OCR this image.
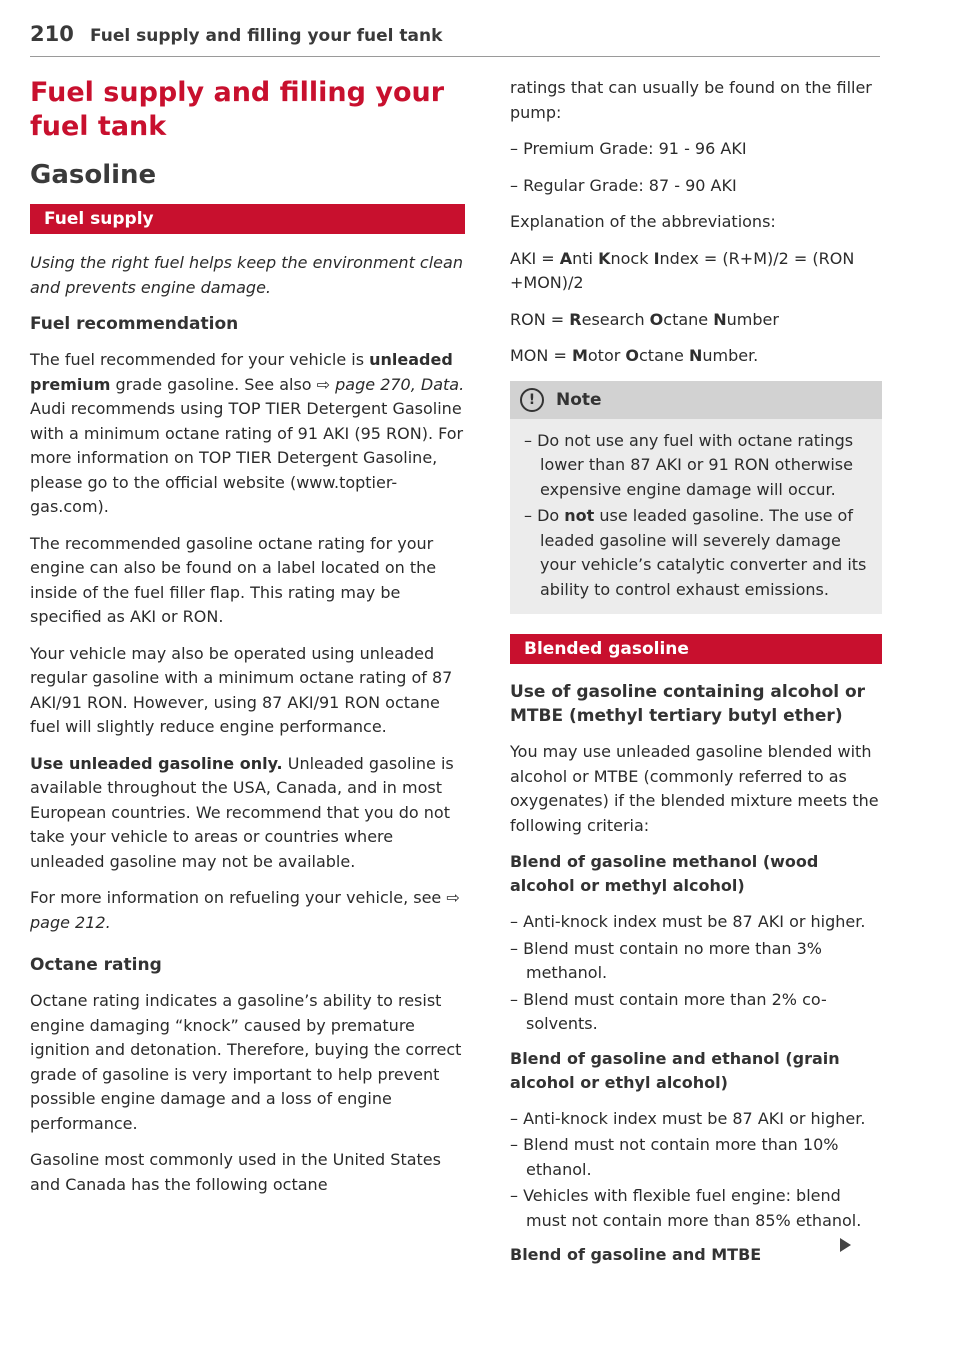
210 Fuel supply and filling your fuel tank
Fuel supply and filling your fuel tank
Gasoline
Fuel supply
Using the right fuel helps keep the environment clean and prevents engine damage.
Fuel recommendation

The fuel recommended for your vehicle is unleaded premium grade gasoline. See also ⇨ page 270, Data. Audi recommends using TOP TIER Detergent Gasoline with a minimum octane rating of 91 AKI (95 RON). For more information on TOP TIER Detergent Gasoline, please go to the official website (www.toptier-gas.com).

The recommended gasoline octane rating for your engine can also be found on a label located on the inside of the fuel filler flap. This rating may be specified as AKI or RON.

Your vehicle may also be operated using unleaded regular gasoline with a minimum octane rating of 87 AKI/91 RON. However, using 87 AKI/91 RON octane fuel will slightly reduce engine performance.

Use unleaded gasoline only. Unleaded gasoline is available throughout the USA, Canada, and in most European countries. We recommend that you do not take your vehicle to areas or countries where unleaded gasoline may not be available.

For more information on refueling your vehicle, see ⇨ page 212.

Octane rating

Octane rating indicates a gasoline’s ability to resist engine damaging “knock” caused by premature ignition and detonation. Therefore, buying the correct grade of gasoline is very important to help prevent possible engine damage and a loss of engine performance.

Gasoline most commonly used in the United States and Canada has the following octane

ratings that can usually be found on the filler pump:

– Premium Grade: 91 - 96 AKI

– Regular Grade: 87 - 90 AKI

Explanation of the abbreviations:

AKI = Anti Knock Index = (R+M)/2 = (RON +MON)/2

RON = Research Octane Number

MON = Motor Octane Number.

! Note
– Do not use any fuel with octane ratings lower than 87 AKI or 91 RON otherwise expensive engine damage will occur.
– Do not use leaded gasoline. The use of leaded gasoline will severely damage your vehicle’s catalytic converter and its ability to control exhaust emissions.
Blended gasoline
Use of gasoline containing alcohol or MTBE (methyl tertiary butyl ether)

You may use unleaded gasoline blended with alcohol or MTBE (commonly referred to as oxygenates) if the blended mixture meets the following criteria:

Blend of gasoline methanol (wood alcohol or methyl alcohol)
– Anti-knock index must be 87 AKI or higher.
– Blend must contain no more than 3% methanol.
– Blend must contain more than 2% co-solvents.
Blend of gasoline and ethanol (grain alcohol or ethyl alcohol)
– Anti-knock index must be 87 AKI or higher.
– Blend must not contain more than 10% ethanol.
– Vehicles with flexible fuel engine: blend must not contain more than 85% ethanol.
Blend of gasoline and MTBE
